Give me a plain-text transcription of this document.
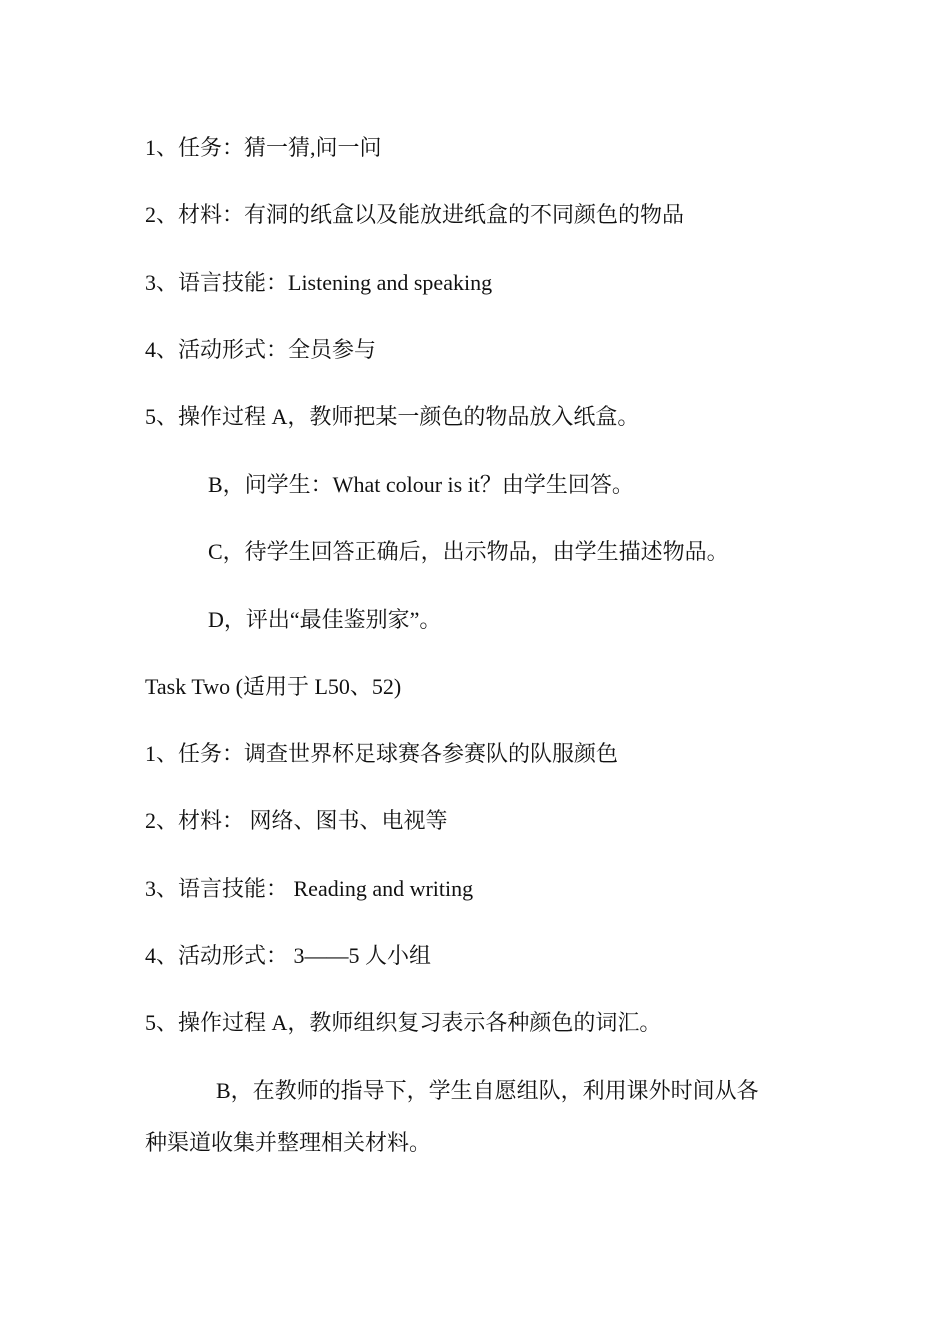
1、任务：猜一猜,问一问
2、材料：有洞的纸盒以及能放进纸盒的不同颜色的物品
3、语言技能：Listening and speaking
4、活动形式：全员参与
5、操作过程 A，教师把某一颜色的物品放入纸盒。
B，问学生：What colour is it？由学生回答。
C，待学生回答正确后，出示物品，由学生描述物品。
D，评出“最佳鉴别家”。
Task Two (适用于 L50、52)
1、任务：调查世界杯足球赛各参赛队的队服颜色
2、材料： 网络、图书、电视等
3、语言技能： Reading and writing
4、活动形式： 3——5 人小组
5、操作过程 A，教师组织复习表示各种颜色的词汇。
B，在教师的指导下，学生自愿组队，利用课外时间从各
种渠道收集并整理相关材料。
